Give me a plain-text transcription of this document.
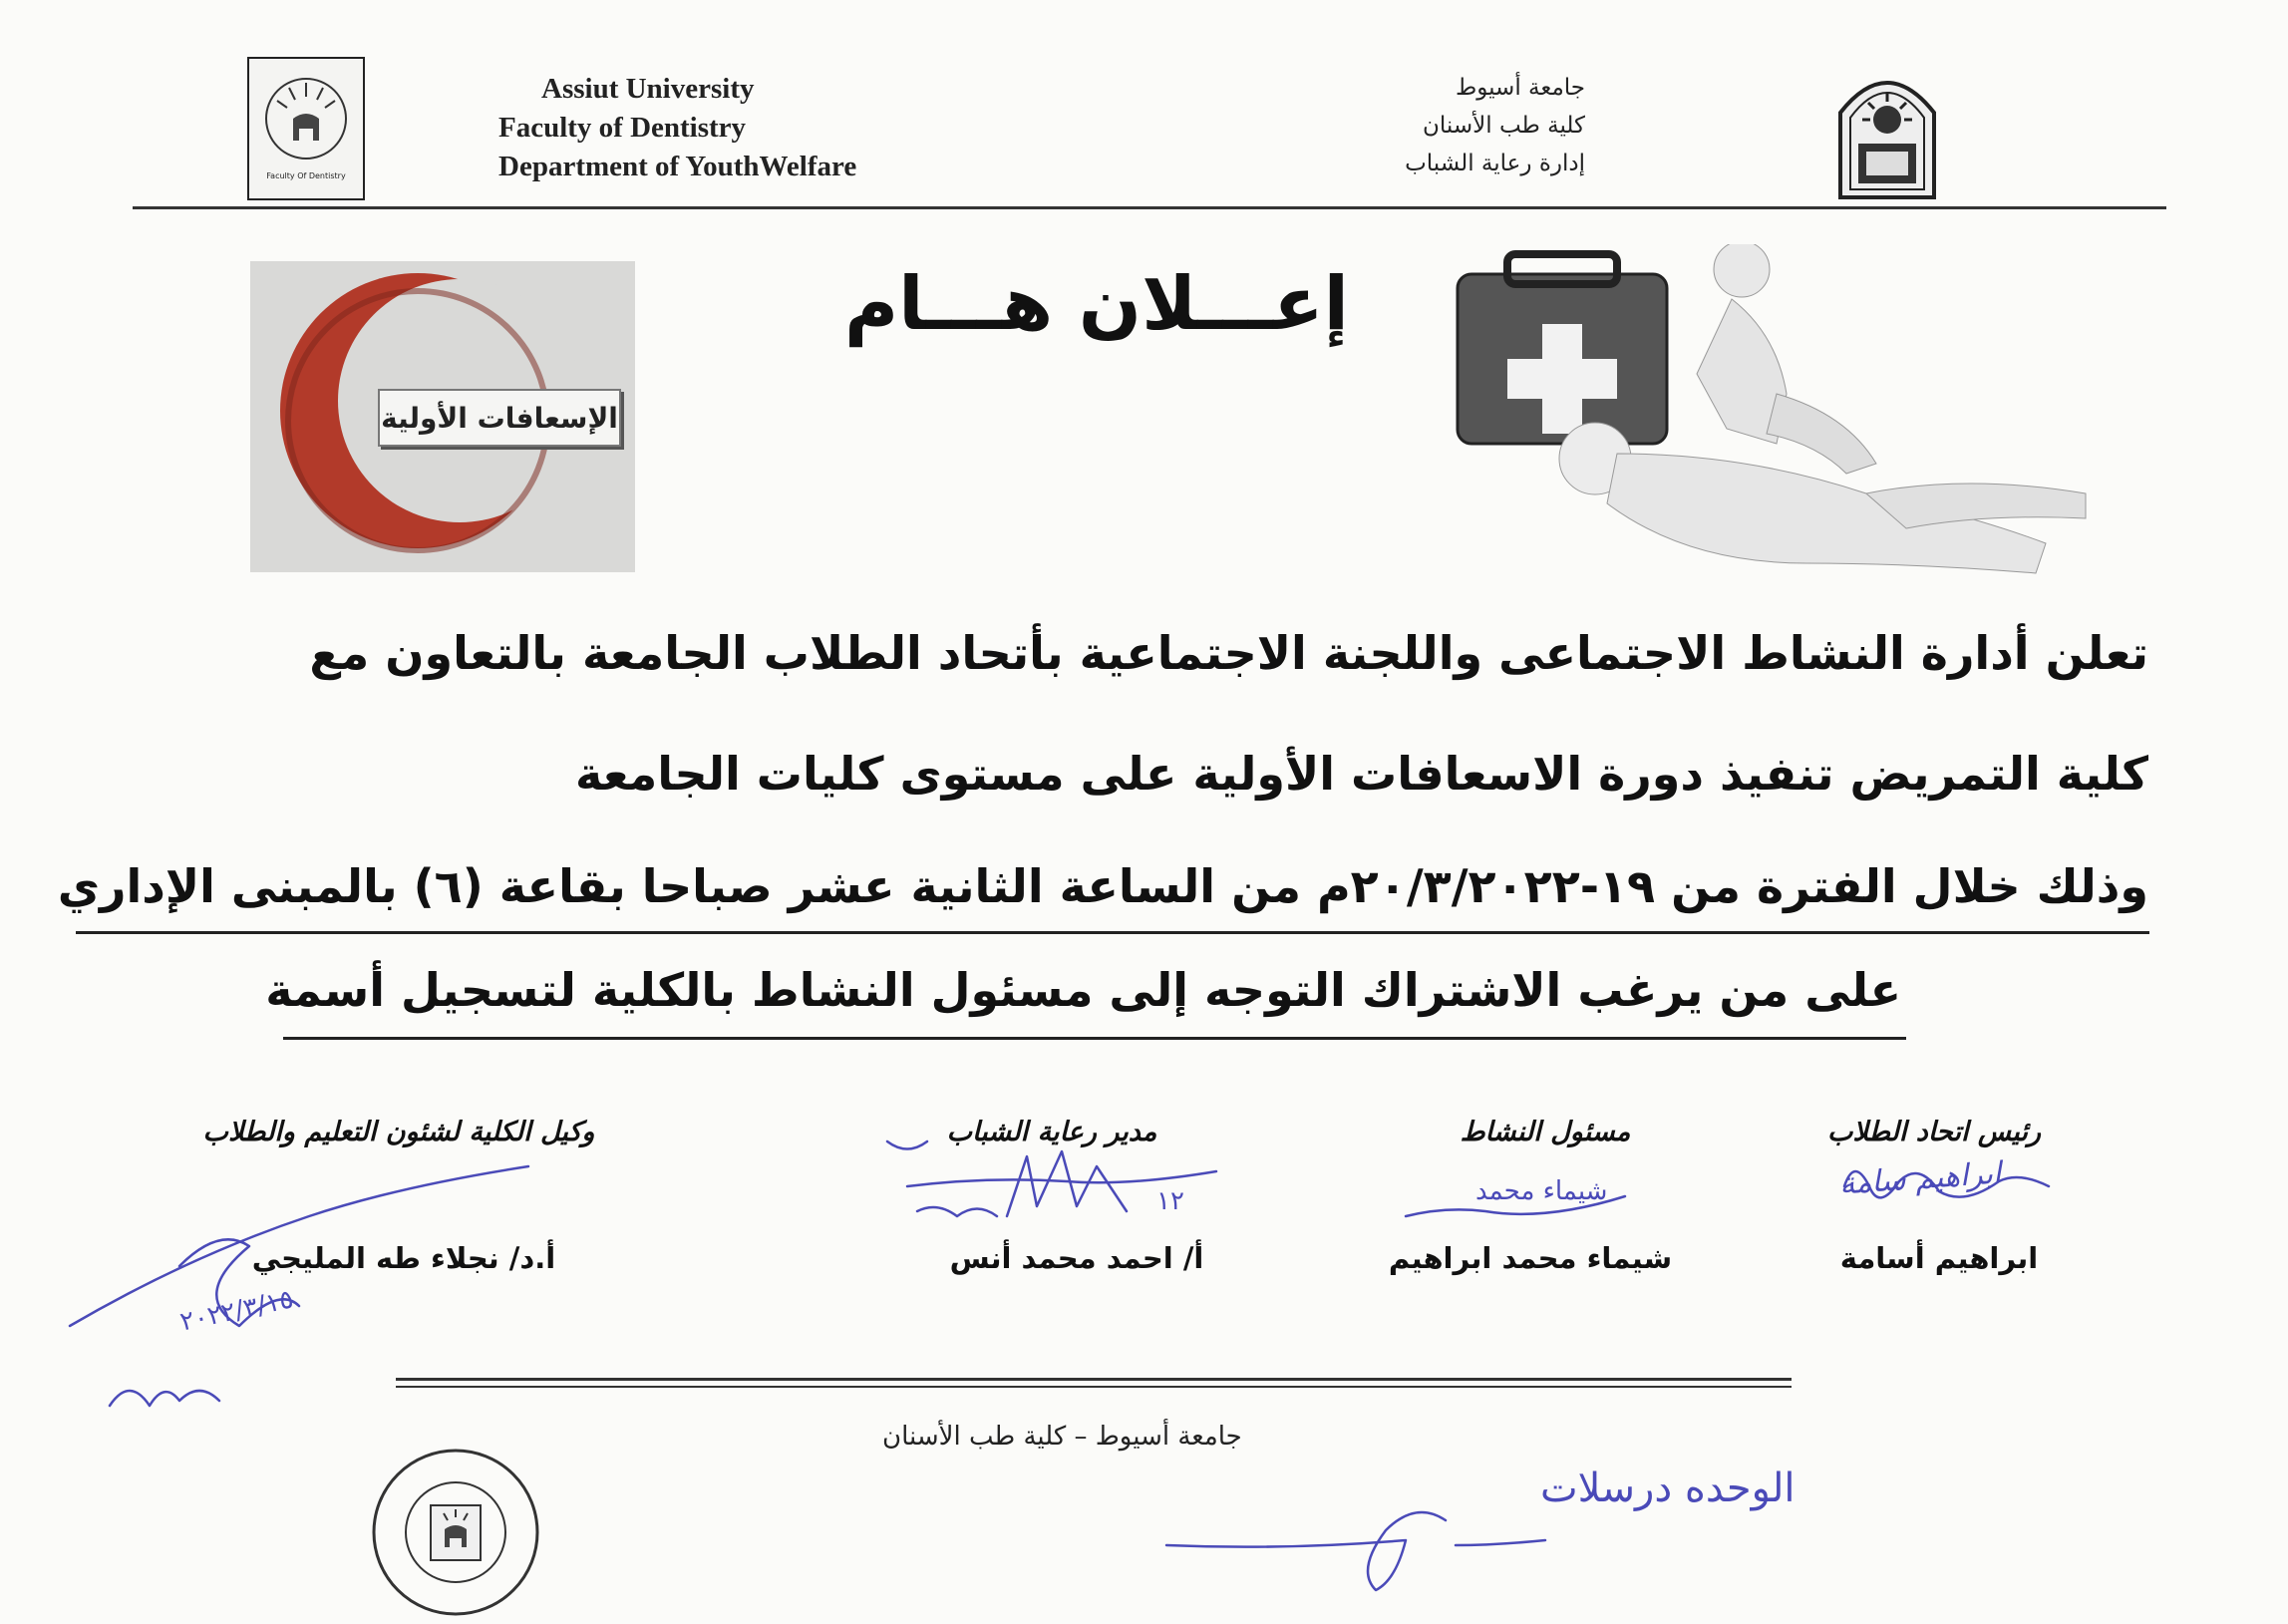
Faculty Of Dentistry
Assiut University
Faculty of Dentistry
Department of YouthWelfare
جامعة أسيوط
كلية طب الأسنان
إدارة رعاية الشباب
الإسعافات الأولية
إعـــلان هـــام
تعلن أدارة النشاط الاجتماعى واللجنة الاجتماعية بأتحاد الطلاب الجامعة بالتعاون مع
كلية التمريض تنفيذ دورة الاسعافات الأولية على مستوى كليات الجامعة
وذلك خلال الفترة من ١٩-٢٠/٣/٢٠٢٢م من الساعة الثانية عشر صباحا بقاعة (٦) بالمبنى الإداري
على من يرغب الاشتراك التوجه إلى مسئول النشاط بالكلية لتسجيل أسمة
رئيس اتحاد الطلاب
مسئول النشاط
مدير رعاية الشباب
وكيل الكلية لشئون التعليم والطلاب
ابراهيم أسامة
شيماء محمد ابراهيم
أ/ احمد محمد أنس
أ.د/ نجلاء طه المليجي
ابراهيم سامة
شيماء محمد
١٢
٢٠٢٢/٣/١٥
جامعة أسيوط – كلية طب الأسنان
الوحده درسلات
